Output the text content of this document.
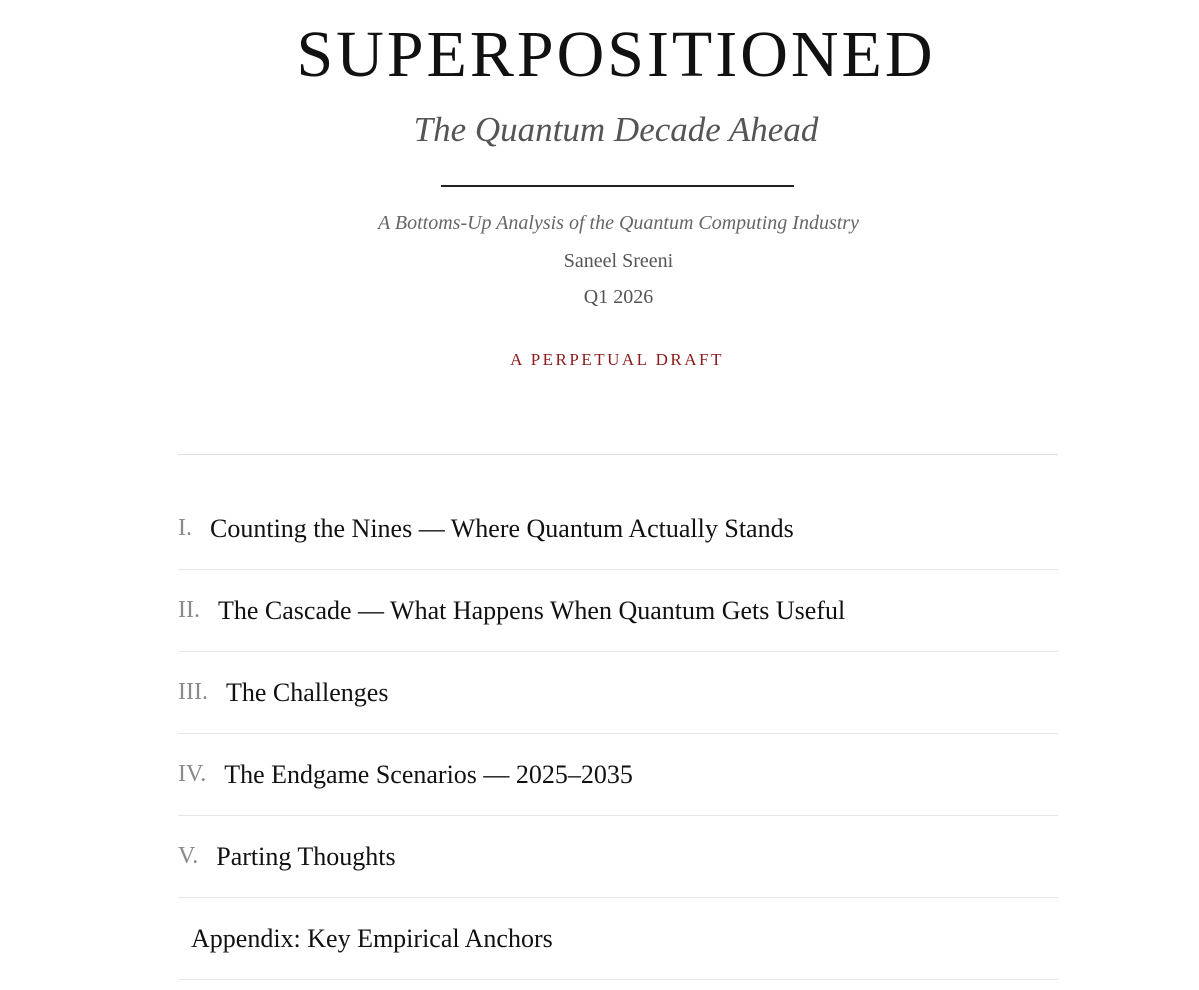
SUPERPOSITIONED
The Quantum Decade Ahead
A Bottoms-Up Analysis of the Quantum Computing Industry
Saneel Sreeni
Q1 2026
A PERPETUAL DRAFT
I. Counting the Nines — Where Quantum Actually Stands
II. The Cascade — What Happens When Quantum Gets Useful
III. The Challenges
IV. The Endgame Scenarios — 2025–2035
V. Parting Thoughts
Appendix: Key Empirical Anchors
